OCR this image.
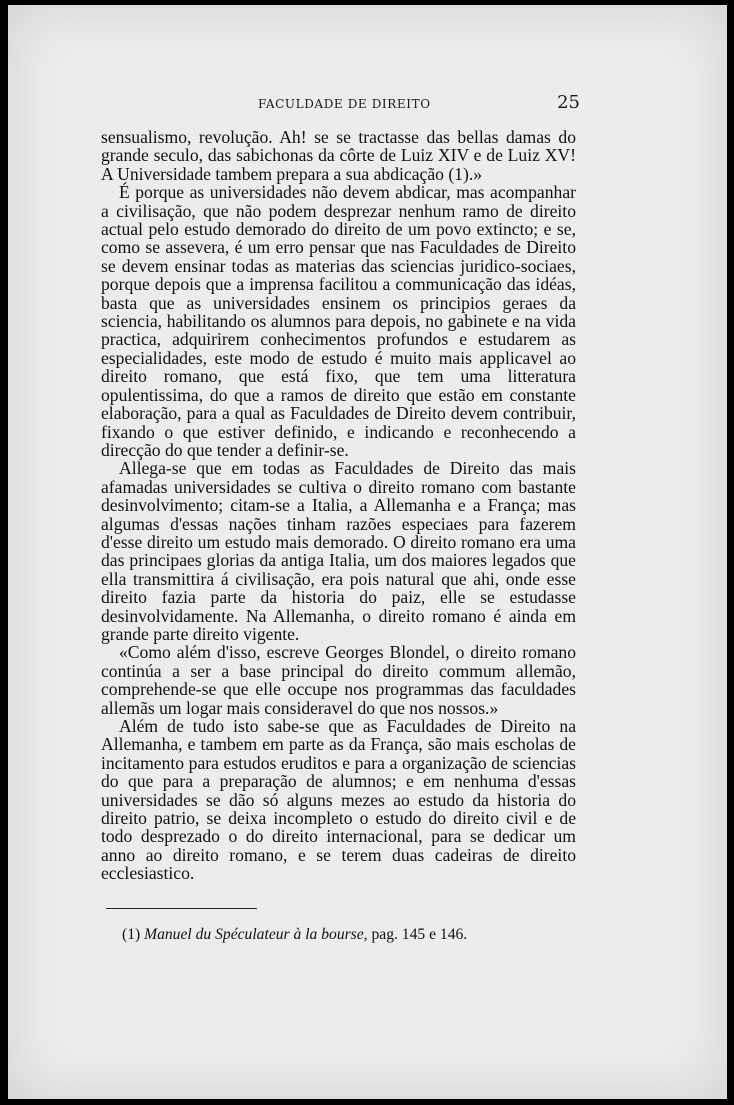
FACULDADE DE DIREITO	25

sensualismo, revolução. Ah! se se tractasse das bellas damas do grande seculo, das sabichonas da côrte de Luiz XIV e de Luiz XV! A Universidade tambem prepara a sua abdicação (1).»

É porque as universidades não devem abdicar, mas acompanhar a civilisação, que não podem desprezar nenhum ramo de direito actual pelo estudo demorado do direito de um povo extincto; e se, como se assevera, é um erro pensar que nas Faculdades de Direito se devem ensinar todas as materias das sciencias juridico-sociaes, porque depois que a imprensa facilitou a communicação das idéas, basta que as universidades ensinem os principios geraes da sciencia, habilitando os alumnos para depois, no gabinete e na vida practica, adquirirem conhecimentos profundos e estudarem as especialidades, este modo de estudo é muito mais applicavel ao direito romano, que está fixo, que tem uma litteratura opulentissima, do que a ramos de direito que estão em constante elaboração, para a qual as Faculdades de Direito devem contribuir, fixando o que estiver definido, e indicando e reconhecendo a direcção do que tender a definir-se.

Allega-se que em todas as Faculdades de Direito das mais afamadas universidades se cultiva o direito romano com bastante desinvolvimento; citam-se a Italia, a Allemanha e a França; mas algumas d'essas nações tinham razões especiaes para fazerem d'esse direito um estudo mais demorado. O direito romano era uma das principaes glorias da antiga Italia, um dos maiores legados que ella transmittira á civilisação, era pois natural que ahi, onde esse direito fazia parte da historia do paiz, elle se estudasse desinvolvidamente. Na Allemanha, o direito romano é ainda em grande parte direito vigente.

«Como além d'isso, escreve Georges Blondel, o direito romano continúa a ser a base principal do direito commum allemão, comprehende-se que elle occupe nos programmas das faculdades allemãs um logar mais consideravel do que nos nossos.»

Além de tudo isto sabe-se que as Faculdades de Direito na Allemanha, e tambem em parte as da França, são mais escholas de incitamento para estudos eruditos e para a organização de sciencias do que para a preparação de alumnos; e em nenhuma d'essas universidades se dão só alguns mezes ao estudo da historia do direito patrio, se deixa incompleto o estudo do direito civil e de todo desprezado o do direito internacional, para se dedicar um anno ao direito romano, e se terem duas cadeiras de direito ecclesiastico.

(1) Manuel du Spéculateur à la bourse, pag. 145 e 146.
